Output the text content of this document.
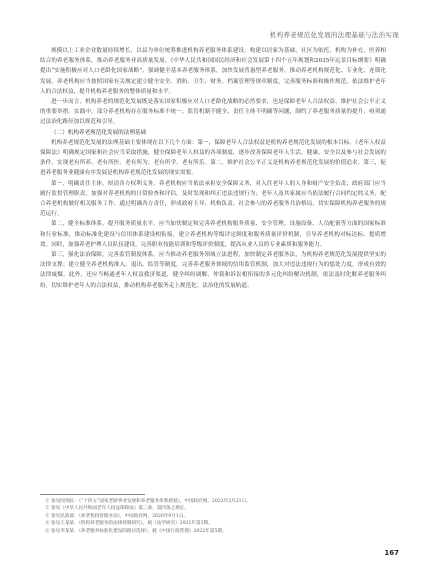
机构养老规范化发展的法理基础与法治实现

规模以上工业企业数量持续增长，以县为单位统筹推进机构养老服务体系建设，构建以居家为基础、社区为依托、机构为补充、医养相结合的养老服务体系，推动养老服务业高质量发展。《中华人民共和国国民经济和社会发展第十四个五年规划和2035年远景目标纲要》明确提出“实施积极应对人口老龄化国家战略”，强调健全基本养老服务体系，加快发展普惠型养老服务，推动养老机构规范化、专业化、连锁化发展。养老机构应当按照国家有关规定建立健全安全、消防、卫生、财务、档案管理等规章制度，完善服务标准和操作规范，依法维护老年人的合法权益，提升机构养老服务的整体质量和水平。

进一步而言，机构养老的规范化发展既是落实国家积极应对人口老龄化战略的必然要求，也是保障老年人合法权益、维护社会公平正义的重要举措。实践中，部分养老机构存在服务标准不统一、监管机制不健全、责任主体不明确等问题，制约了养老服务质量的提升，亟须通过法治化路径加以规范和引导。

（二）机构养老规范化发展的法理基础

机构养老规范化发展的法理基础主要体现在以下几个方面：第一，保障老年人合法权益是机构养老规范化发展的根本目标。《老年人权益保障法》明确规定国家和社会应当采取措施，健全保障老年人权益的各项制度，逐步改善保障老年人生活、健康、安全以及参与社会发展的条件，实现老有所养、老有所医、老有所为、老有所学、老有所乐。第二，维护社会公平正义是机构养老规范化发展的价值追求。第三，促进养老服务业健康有序发展是机构养老规范化发展的现实需要。

第一，明确责任主体，厘清各方权利义务。养老机构应当依法承担安全保障义务，对入住老年人的人身和财产安全负责；政府部门应当履行监督管理职责，加强对养老机构的日常检查和评估，及时发现和纠正违法违规行为；老年人及其家属应当依法履行合同约定的义务，配合养老机构做好相关服务工作。通过明确各方责任，形成政府主导、机构负责、社会参与的养老服务共治格局，切实保障机构养老服务的规范运行。

第二，健全标准体系，提升服务质量水平。应当加快制定和完善养老机构服务质量、安全管理、设施设备、人员配备等方面的国家标准和行业标准，推动标准化建设与信用体系建设相衔接，建立养老机构等级评定制度和服务质量评价机制，引导养老机构对标达标、提质增效。同时，加强养老护理人员队伍建设，完善职业技能培训和等级评价制度，提高从业人员的专业素质和服务能力。

第三，强化法治保障，完善监管制度体系。应当推动养老服务领域立法进程，加快制定养老服务法，为机构养老规范化发展提供坚实的法律支撑。建立健全养老机构准入、退出、监管等制度，完善养老服务领域的信用监管机制，加大对违法违规行为的惩处力度，形成有效的法律威慑。此外，还应当畅通老年人权益救济渠道，健全纠纷调解、仲裁和诉讼相衔接的多元化纠纷解决机制，依法及时化解养老服务纠纷，切实维护老年人的合法权益，推动机构养老服务走上规范化、法治化的发展轨道。

① 参见国务院：《“十四五”国家老龄事业发展和养老服务体系规划》，中国政府网，2022年2月21日。

② 参见《中华人民共和国老年人权益保障法》第三条、第四条之规定。

③ 参见民政部：《养老机构管理办法》，中国政府网，2020年9月1日。

④ 参见王某某：《机构养老服务的法律规制研究》，载《法学研究》2021年第3期。

⑤ 参见李某某：《养老服务标准化建设的路径选择》，载《中国行政管理》2022年第5期。

167
